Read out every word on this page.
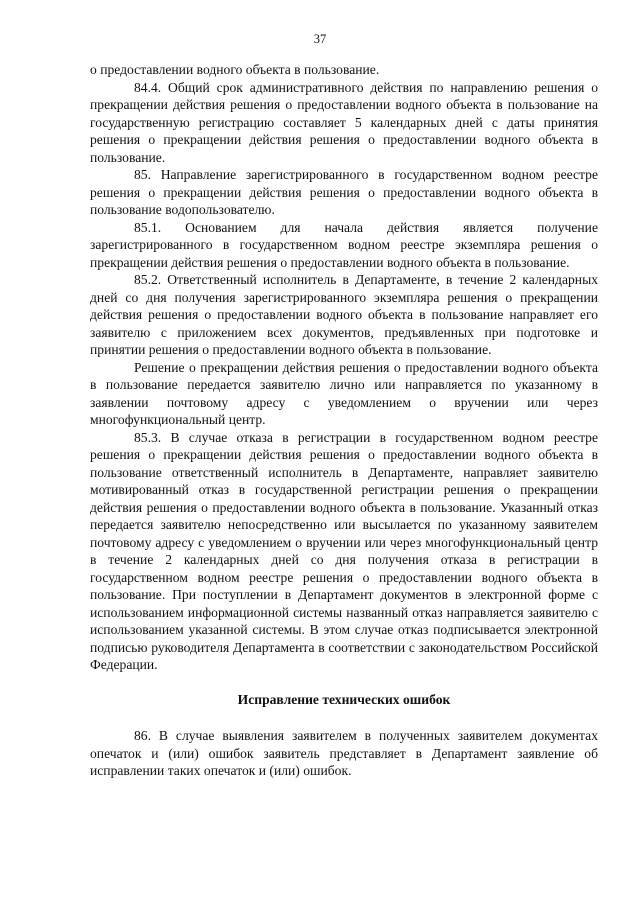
37

о предоставлении водного объекта в пользование.

84.4. Общий срок административного действия по направлению решения о прекращении действия решения о предоставлении водного объекта в пользование на государственную регистрацию составляет 5 календарных дней с даты принятия решения о прекращении действия решения о предоставлении водного объекта в пользование.

85. Направление зарегистрированного в государственном водном реестре решения о прекращении действия решения о предоставлении водного объекта в пользование водопользователю.

85.1. Основанием для начала действия является получение зарегистрированного в государственном водном реестре экземпляра решения о прекращении действия решения о предоставлении водного объекта в пользование.

85.2. Ответственный исполнитель в Департаменте, в течение 2 календарных дней со дня получения зарегистрированного экземпляра решения о прекращении действия решения о предоставлении водного объекта в пользование направляет его заявителю с приложением всех документов, предъявленных при подготовке и принятии решения о предоставлении водного объекта в пользование.

Решение о прекращении действия решения о предоставлении водного объекта в пользование передается заявителю лично или направляется по указанному в заявлении почтовому адресу с уведомлением о вручении или через многофункциональный центр.

85.3. В случае отказа в регистрации в государственном водном реестре решения о прекращении действия решения о предоставлении водного объекта в пользование ответственный исполнитель в Департаменте, направляет заявителю мотивированный отказ в государственной регистрации решения о прекращении действия решения о предоставлении водного объекта в пользование. Указанный отказ передается заявителю непосредственно или высылается по указанному заявителем почтовому адресу с уведомлением о вручении или через многофункциональный центр в течение 2 календарных дней со дня получения отказа в регистрации в государственном водном реестре решения о предоставлении водного объекта в пользование. При поступлении в Департамент документов в электронной форме с использованием информационной системы названный отказ направляется заявителю с использованием указанной системы. В этом случае отказ подписывается электронной подписью руководителя Департамента в соответствии с законодательством Российской Федерации.

Исправление технических ошибок

86. В случае выявления заявителем в полученных заявителем документах опечаток и (или) ошибок заявитель представляет в Департамент заявление об исправлении таких опечаток и (или) ошибок.
